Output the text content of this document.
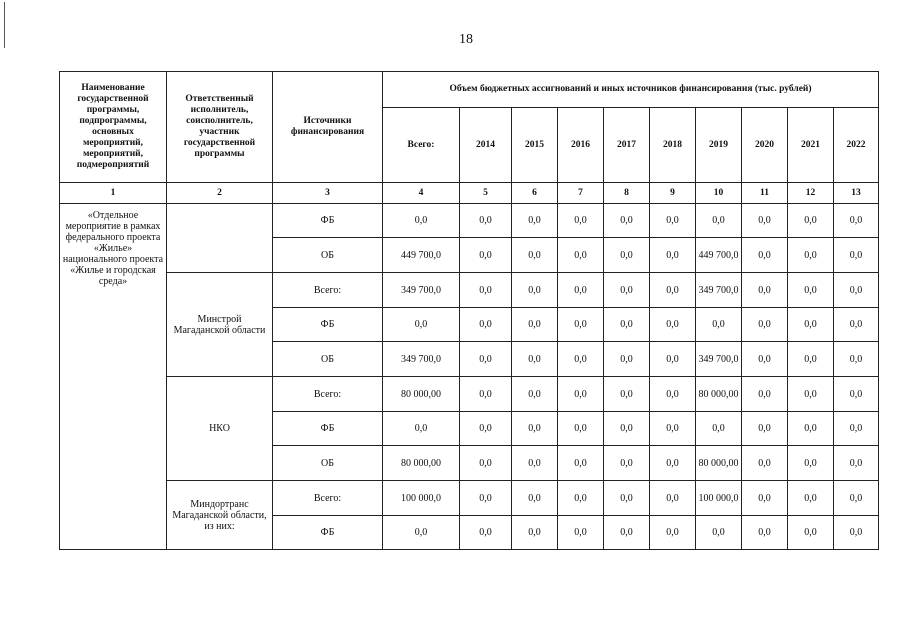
18
Наименование государственной программы, подпрограммы, основных мероприятий, мероприятий, подмероприятий	Ответственный исполнитель, соисполнитель, участник государственной программы	Источники финансирования	Объем бюджетных ассигнований и иных источников финансирования (тыс. рублей)									
			Всего:	2014	2015	2016	2017	2018	2019	2020	2021	2022
1	2	3	4	5	6	7	8	9	10	11	12	13
«Отдельное мероприятие в рамках федерального проекта «Жилье» национального проекта «Жилье и городская среда»		ФБ	0,0	0,0	0,0	0,0	0,0	0,0	0,0	0,0	0,0	0,0
		ОБ	449 700,0	0,0	0,0	0,0	0,0	0,0	449 700,0	0,0	0,0	0,0
	Минстрой Магаданской области	Всего:	349 700,0	0,0	0,0	0,0	0,0	0,0	349 700,0	0,0	0,0	0,0
		ФБ	0,0	0,0	0,0	0,0	0,0	0,0	0,0	0,0	0,0	0,0
		ОБ	349 700,0	0,0	0,0	0,0	0,0	0,0	349 700,0	0,0	0,0	0,0
	НКО	Всего:	80 000,00	0,0	0,0	0,0	0,0	0,0	80 000,00	0,0	0,0	0,0
		ФБ	0,0	0,0	0,0	0,0	0,0	0,0	0,0	0,0	0,0	0,0
		ОБ	80 000,00	0,0	0,0	0,0	0,0	0,0	80 000,00	0,0	0,0	0,0
	Миндортранс Магаданской области, из них:	Всего:	100 000,0	0,0	0,0	0,0	0,0	0,0	100 000,0	0,0	0,0	0,0
		ФБ	0,0	0,0	0,0	0,0	0,0	0,0	0,0	0,0	0,0	0,0
